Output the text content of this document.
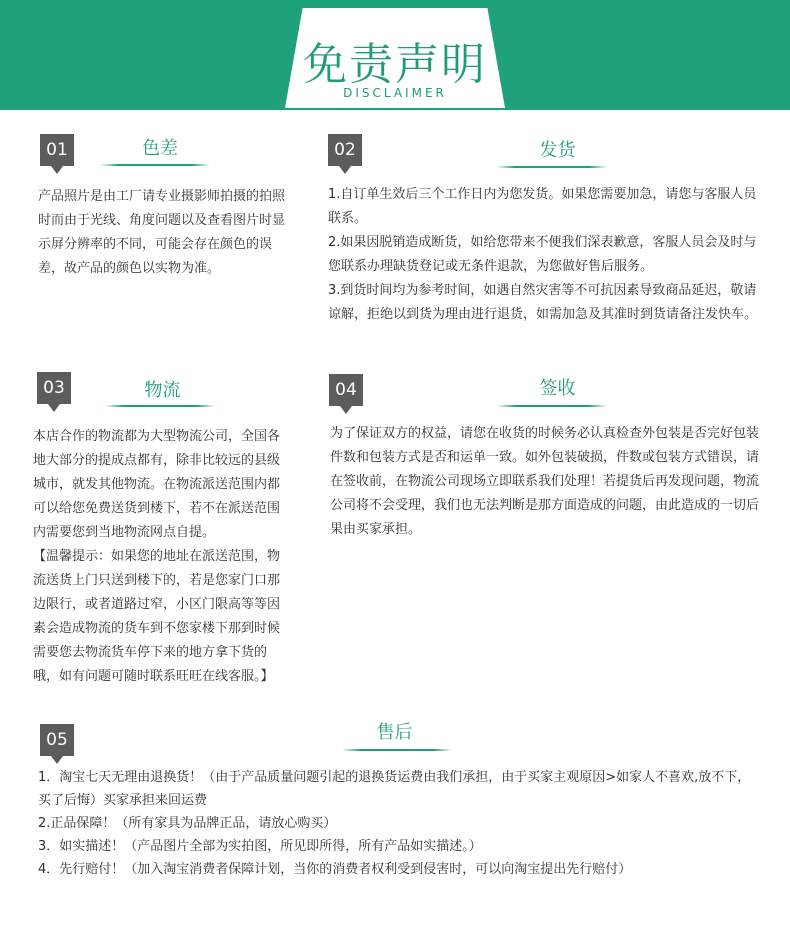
免责声明
DISCLAIMER
01	色差

产品照片是由工厂请专业摄影师拍摄的拍照时而由于光线、角度问题以及查看图片时显示屏分辨率的不同，可能会存在颜色的误差，故产品的颜色以实物为准。

02	发货

1.自订单生效后三个工作日内为您发货。如果您需要加急，请您与客服人员联系。

2.如果因脱销造成断货，如给您带来不便我们深表歉意，客服人员会及时与您联系办理缺货登记或无条件退款，为您做好售后服务。

3.到货时间均为参考时间，如遇自然灾害等不可抗因素导致商品延迟，敬请谅解，拒绝以到货为理由进行退货，如需加急及其准时到货请备注发快车。

03	物流

本店合作的物流都为大型物流公司，全国各地大部分的提成点都有，除非比较远的县级城市，就发其他物流。在物流派送范围内都可以给您免费送货到楼下，若不在派送范围内需要您到当地物流网点自提。

【温馨提示：如果您的地址在派送范围，物流送货上门只送到楼下的，若是您家门口那边限行，或者道路过窄，小区门限高等等因素会造成物流的货车到不您家楼下那到时候需要您去物流货车停下来的地方拿下货的哦，如有问题可随时联系旺旺在线客服。】

04	签收

为了保证双方的权益，请您在收货的时候务必认真检查外包装是否完好包装件数和包装方式是否和运单一致。如外包装破损，件数或包装方式错误，请在签收前，在物流公司现场立即联系我们处理！若提货后再发现问题，物流公司将不会受理，我们也无法判断是那方面造成的问题，由此造成的一切后果由买家承担。

05	售后

1．淘宝七天无理由退换货！（由于产品质量问题引起的退换货运费由我们承担，由于买家主观原因>如家人不喜欢,放不下，买了后悔）买家承担来回运费

2.正品保障！（所有家具为品牌正品，请放心购买）

3．如实描述！（产品图片全部为实拍图，所见即所得，所有产品如实描述。）

4．先行赔付！（加入淘宝消费者保障计划，当你的消费者权利受到侵害时，可以向淘宝提出先行赔付）
